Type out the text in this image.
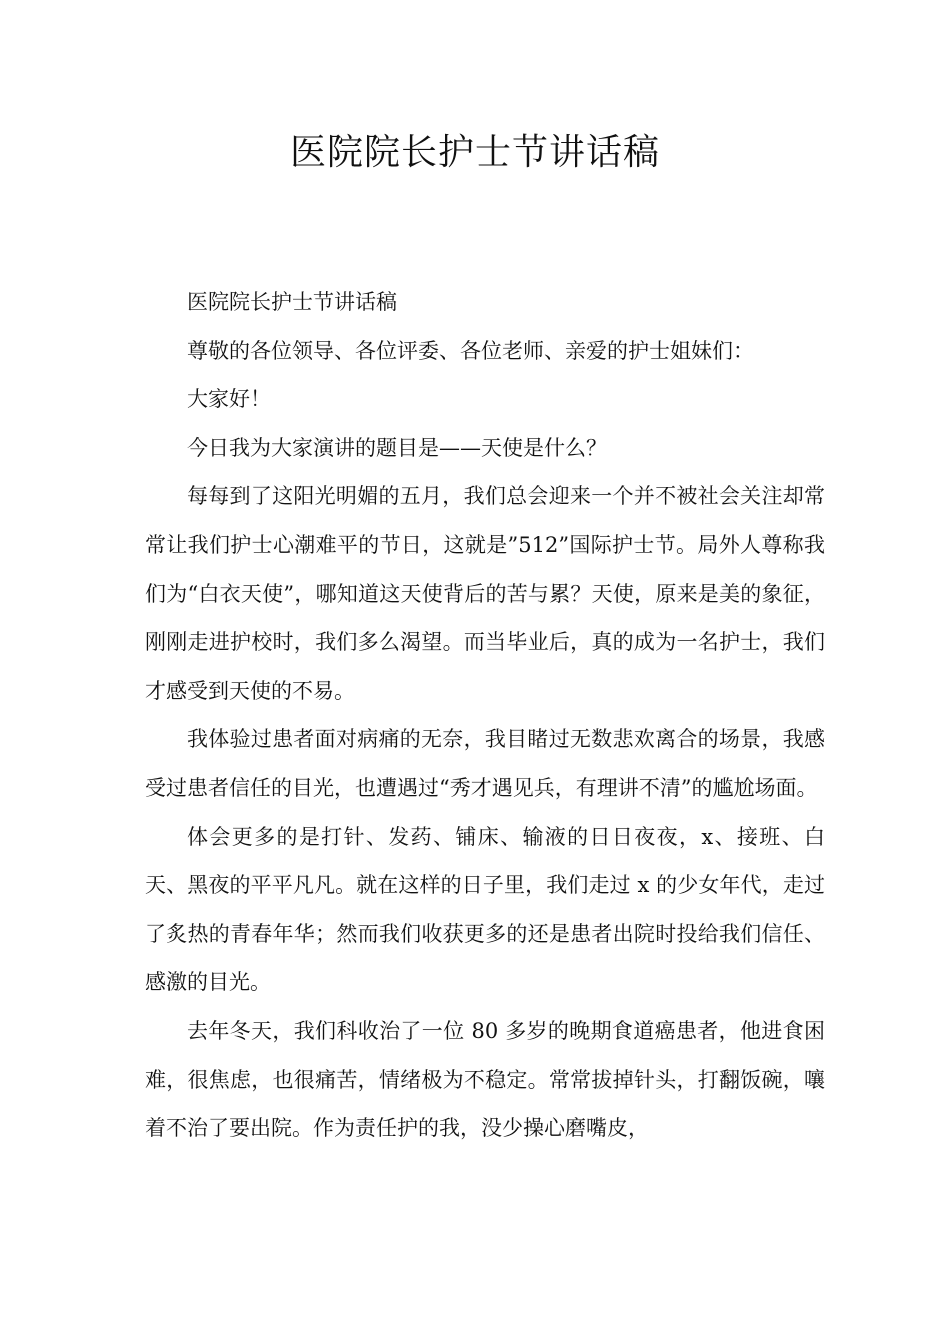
医院院长护士节讲话稿

医院院长护士节讲话稿

尊敬的各位领导、各位评委、各位老师、亲爱的护士姐妹们：

大家好！

今日我为大家演讲的题目是——天使是什么？

每每到了这阳光明媚的五月，我们总会迎来一个并不被社会关注却常常让我们护士心潮难平的节日，这就是”512”国际护士节。局外人尊称我们为“白衣天使”，哪知道这天使背后的苦与累？天使，原来是美的象征，刚刚走进护校时，我们多么渴望。而当毕业后，真的成为一名护士，我们才感受到天使的不易。

我体验过患者面对病痛的无奈，我目睹过无数悲欢离合的场景，我感受过患者信任的目光，也遭遇过“秀才遇见兵，有理讲不清”的尴尬场面。

体会更多的是打针、发药、铺床、输液的日日夜夜，x、接班、白天、黑夜的平平凡凡。就在这样的日子里，我们走过 x 的少女年代，走过了炙热的青春年华；然而我们收获更多的还是患者出院时投给我们信任、感激的目光。

去年冬天，我们科收治了一位 80 多岁的晚期食道癌患者，他进食困难，很焦虑，也很痛苦，情绪极为不稳定。常常拔掉针头，打翻饭碗，嚷着不治了要出院。作为责任护的我，没少操心磨嘴皮，
